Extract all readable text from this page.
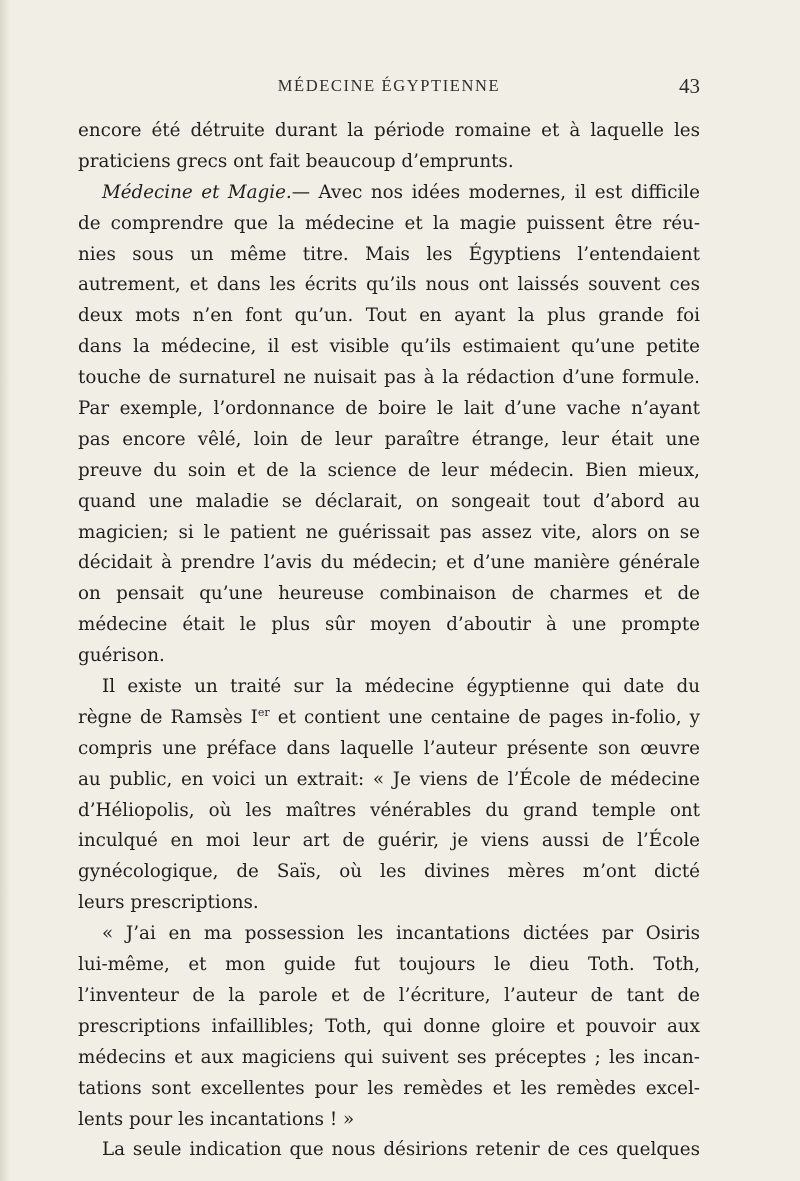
MÉDECINE ÉGYPTIENNE	43
encore été détruite durant la période romaine et à laquelle les
praticiens grecs ont fait beaucoup d’emprunts.
Médecine et Magie.— Avec nos idées modernes, il est difficile
de comprendre que la médecine et la magie puissent être réu-
nies sous un même titre. Mais les Égyptiens l’entendaient
autrement, et dans les écrits qu’ils nous ont laissés souvent ces
deux mots n’en font qu’un. Tout en ayant la plus grande foi
dans la médecine, il est visible qu’ils estimaient qu’une petite
touche de surnaturel ne nuisait pas à la rédaction d’une formule.
Par exemple, l’ordonnance de boire le lait d’une vache n’ayant
pas encore vêlé, loin de leur paraître étrange, leur était une
preuve du soin et de la science de leur médecin. Bien mieux,
quand une maladie se déclarait, on songeait tout d’abord au
magicien; si le patient ne guérissait pas assez vite, alors on se
décidait à prendre l’avis du médecin; et d’une manière générale
on pensait qu’une heureuse combinaison de charmes et de
médecine était le plus sûr moyen d’aboutir à une prompte
guérison.
Il existe un traité sur la médecine égyptienne qui date du
règne de Ramsès Ier et contient une centaine de pages in-folio, y
compris une préface dans laquelle l’auteur présente son œuvre
au public, en voici un extrait: « Je viens de l’École de médecine
d’Héliopolis, où les maîtres vénérables du grand temple ont
inculqué en moi leur art de guérir, je viens aussi de l’École
gynécologique, de Saïs, où les divines mères m’ont dicté
leurs prescriptions.
« J’ai en ma possession les incantations dictées par Osiris
lui-même, et mon guide fut toujours le dieu Toth. Toth,
l’inventeur de la parole et de l’écriture, l’auteur de tant de
prescriptions infaillibles; Toth, qui donne gloire et pouvoir aux
médecins et aux magiciens qui suivent ses préceptes ; les incan-
tations sont excellentes pour les remèdes et les remèdes excel-
lents pour les incantations ! »
La seule indication que nous désirions retenir de ces quelques
